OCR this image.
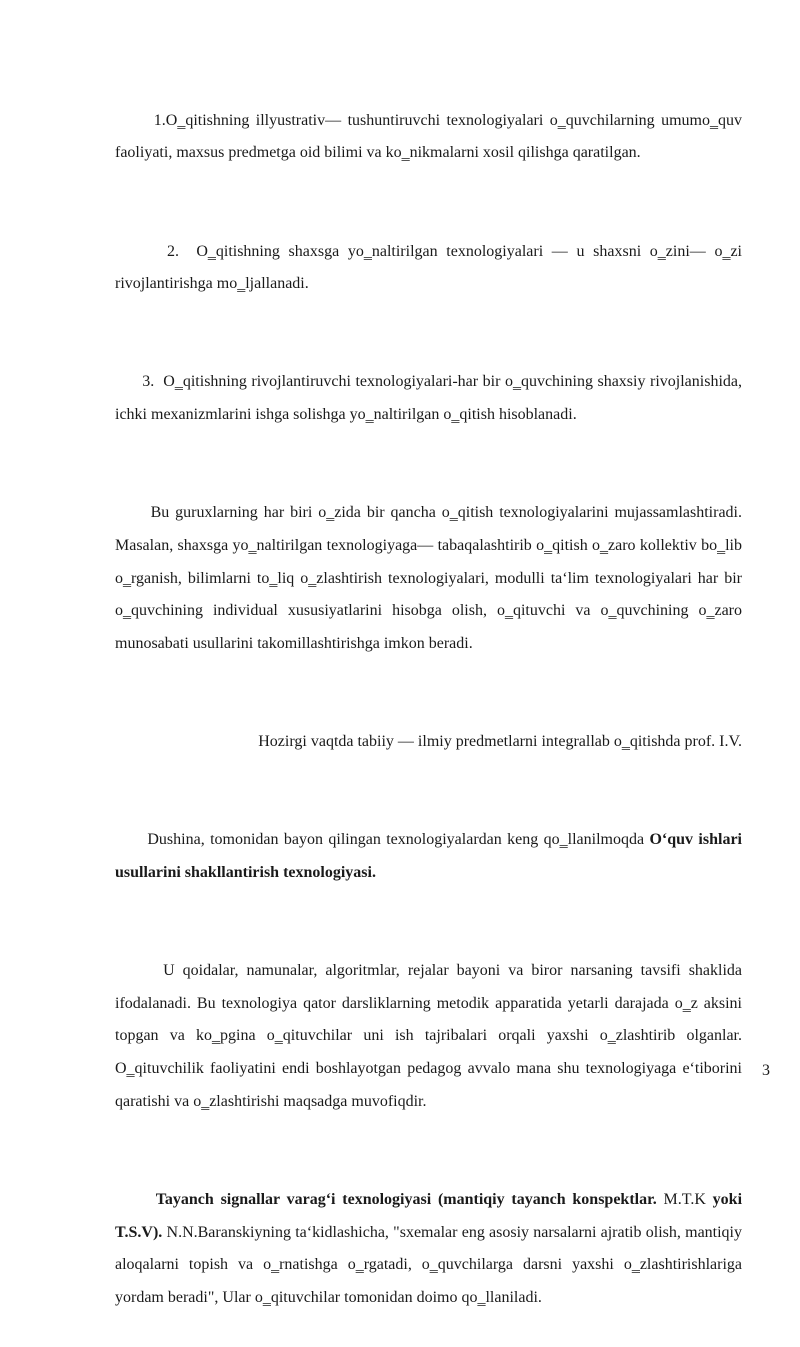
1.O‗qitishning illyustrativ— tushuntiruvchi texnologiyalari o‗quvchilarning umumo‗quv faoliyati, maxsus predmetga oid bilimi va ko‗nikmalarni xosil qilishga qaratilgan.

2.  O‗qitishning shaxsga yo‗naltirilgan texnologiyalari — u shaxsni o‗zini— o‗zi rivojlantirishga mo‗ljallanadi.

3.  O‗qitishning rivojlantiruvchi texnologiyalari-har bir o‗quvchining shaxsiy rivojlanishida, ichki mexanizmlarini ishga solishga yo‗naltirilgan o‗qitish hisoblanadi.

Bu guruxlarning har biri o‗zida bir qancha o‗qitish texnologiyalarini mujassamlashtiradi. Masalan, shaxsga yo‗naltirilgan texnologiyaga— tabaqalashtirib o‗qitish o‗zaro kollektiv bo‗lib o‗rganish, bilimlarni to‗liq o‗zlashtirish texnologiyalari, modulli ta‘lim texnologiyalari har bir o‗quvchining individual xususiyatlarini hisobga olish, o‗qituvchi va o‗quvchining o‗zaro munosabati usullarini takomillashtirishga imkon beradi.

Hozirgi vaqtda tabiiy — ilmiy predmetlarni integrallab o‗qitishda prof. I.V.

Dushina, tomonidan bayon qilingan texnologiyalardan keng qo‗llanilmoqda O‘quv ishlari usullarini shakllantirish texnologiyasi.

U qoidalar, namunalar, algoritmlar, rejalar bayoni va biror narsaning tavsifi shaklida ifodalanadi. Bu texnologiya qator darsliklarning metodik apparatida yetarli darajada o‗z aksini topgan va ko‗pgina o‗qituvchilar uni ish tajribalari orqali yaxshi o‗zlashtirib olganlar. O‗qituvchilik faoliyatini endi boshlayotgan pedagog avvalo mana shu texnologiyaga e‘tiborini qaratishi va o‗zlashtirishi maqsadga muvofiqdir.

Tayanch signallar varag‘i texnologiyasi (mantiqiy tayanch konspektlar. M.T.K yoki T.S.V). N.N.Baranskiyning ta‘kidlashicha, "sxemalar eng asosiy narsalarni ajratib olish, mantiqiy aloqalarni topish va o‗rnatishga o‗rgatadi, o‗quvchilarga darsni yaxshi o‗zlashtirishlariga yordam beradi", Ular o‗qituvchilar tomonidan doimo qo‗llaniladi.

3
